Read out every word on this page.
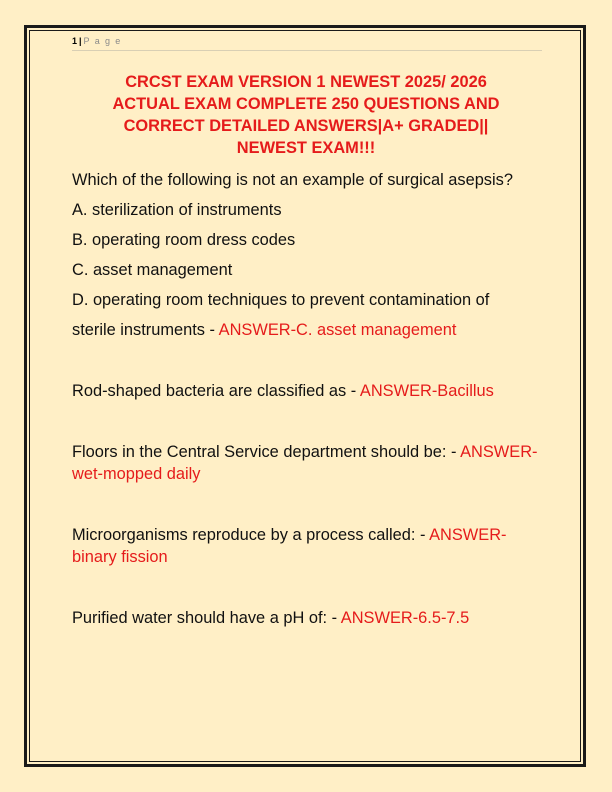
1 | P a g e
CRCST EXAM VERSION 1 NEWEST 2025/ 2026
ACTUAL EXAM COMPLETE 250 QUESTIONS AND
CORRECT DETAILED ANSWERS|A+ GRADED||
NEWEST EXAM!!!

Which of the following is not an example of surgical asepsis?

A. sterilization of instruments

B. operating room dress codes

C. asset management

D. operating room techniques to prevent contamination of

sterile instruments - ANSWER-C. asset management

Rod-shaped bacteria are classified as - ANSWER-Bacillus

Floors in the Central Service department should be: - ANSWER-wet-mopped daily

Microorganisms reproduce by a process called: - ANSWER-binary fission

Purified water should have a pH of: - ANSWER-6.5-7.5
